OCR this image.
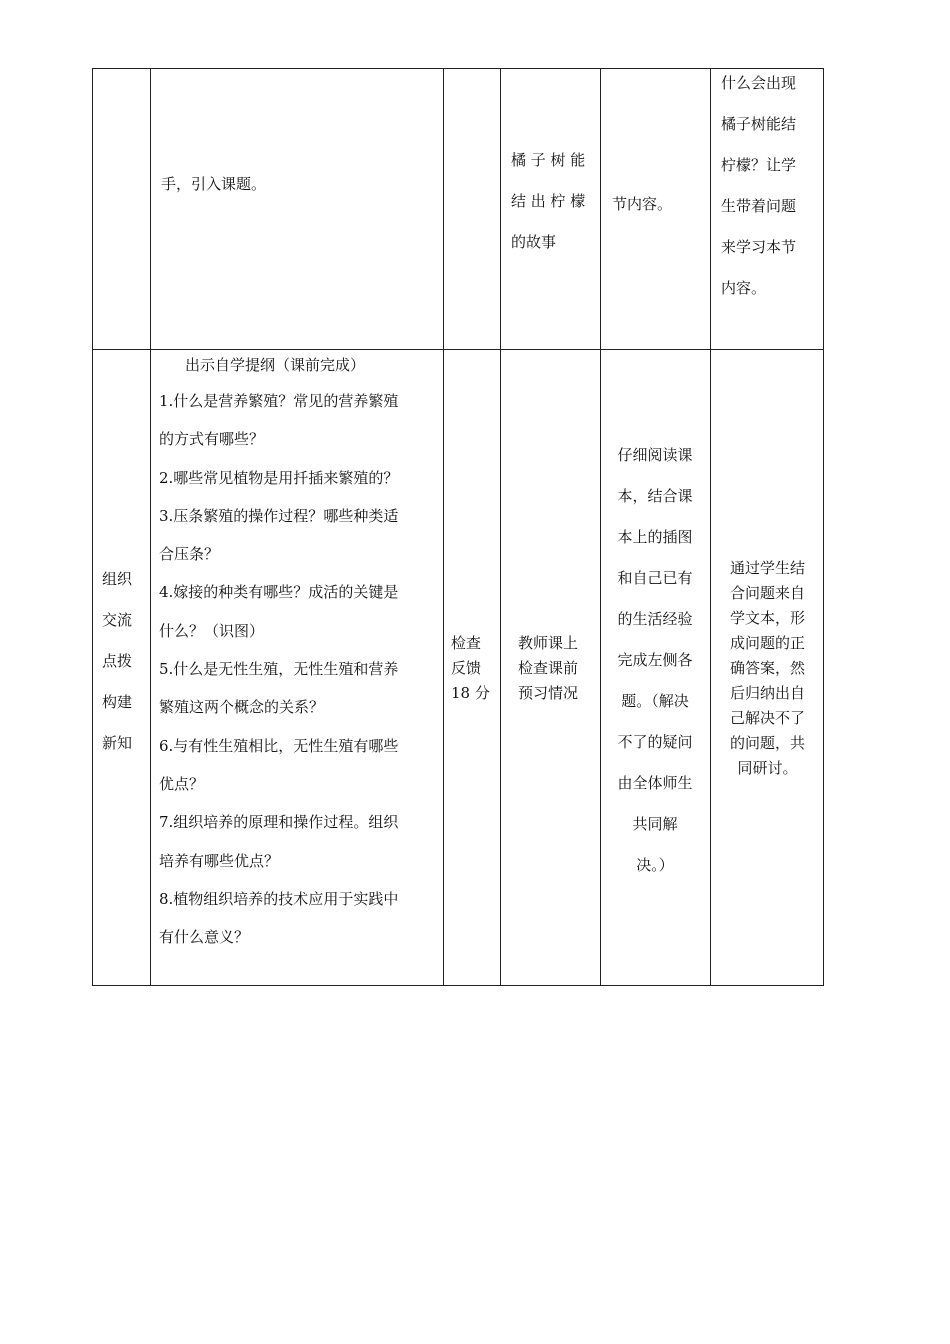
手，引入课题。
橘 子 树 能
结 出 柠 檬
的故事
节内容。
什么会出现
橘子树能结
柠檬？让学
生带着问题
来学习本节
内容。
组织
交流
点拨
构建
新知
出示自学提纲（课前完成）
1.什么是营养繁殖？常见的营养繁殖
的方式有哪些？
2.哪些常见植物是用扦插来繁殖的？
3.压条繁殖的操作过程？哪些种类适
合压条？
4.嫁接的种类有哪些？成活的关键是
什么？（识图）
5.什么是无性生殖，无性生殖和营养
繁殖这两个概念的关系？
6.与有性生殖相比，无性生殖有哪些
优点？
7.组织培养的原理和操作过程。组织
培养有哪些优点？
8.植物组织培养的技术应用于实践中
有什么意义？
检查
反馈
18 分
教师课上
检查课前
预习情况
仔细阅读课
本，结合课
本上的插图
和自己已有
的生活经验
完成左侧各
题。（解决
不了的疑问
由全体师生
共同解
决。）
通过学生结
合问题来自
学文本，形
成问题的正
确答案，然
后归纳出自
己解决不了
的问题，共
同研讨。
